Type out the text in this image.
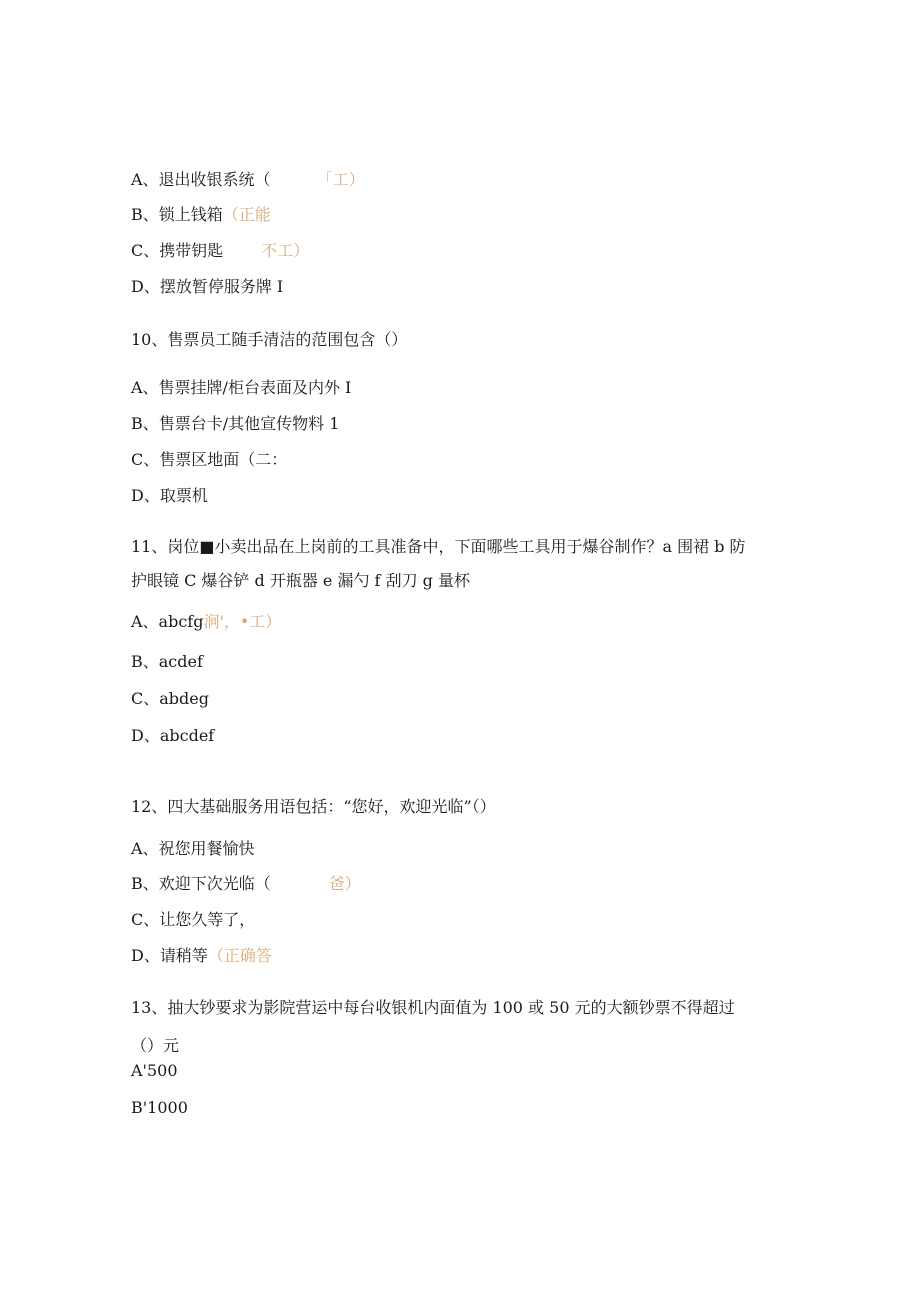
A、退出收银系统（	「工）
B、锁上钱箱（正能
C、携带钥匙 不工）
D、摆放暂停服务牌 I
10、售票员工随手清洁的范围包含（）
A、售票挂牌/柜台表面及内外 I
B、售票台卡/其他宣传物料 1
C、售票区地面（二：
D、取票机
11、岗位■小卖出品在上岗前的工具准备中，下面哪些工具用于爆谷制作？a 围裙 b 防
护眼镜 C 爆谷铲 d 开瓶器 e 漏勺 f 刮刀 g 量杯
A、abcfg涧'，•工）
B、acdef
C、abdeg
D、abcdef
12、四大基础服务用语包括：“您好，欢迎光临”（）
A、祝您用餐愉快
B、欢迎下次光临（	爸）
C、让您久等了，
D、请稍等（正确答
13、抽大钞要求为影院营运中每台收银机内面值为 100 或 50 元的大额钞票不得超过
（）元
A'500
B'1000
